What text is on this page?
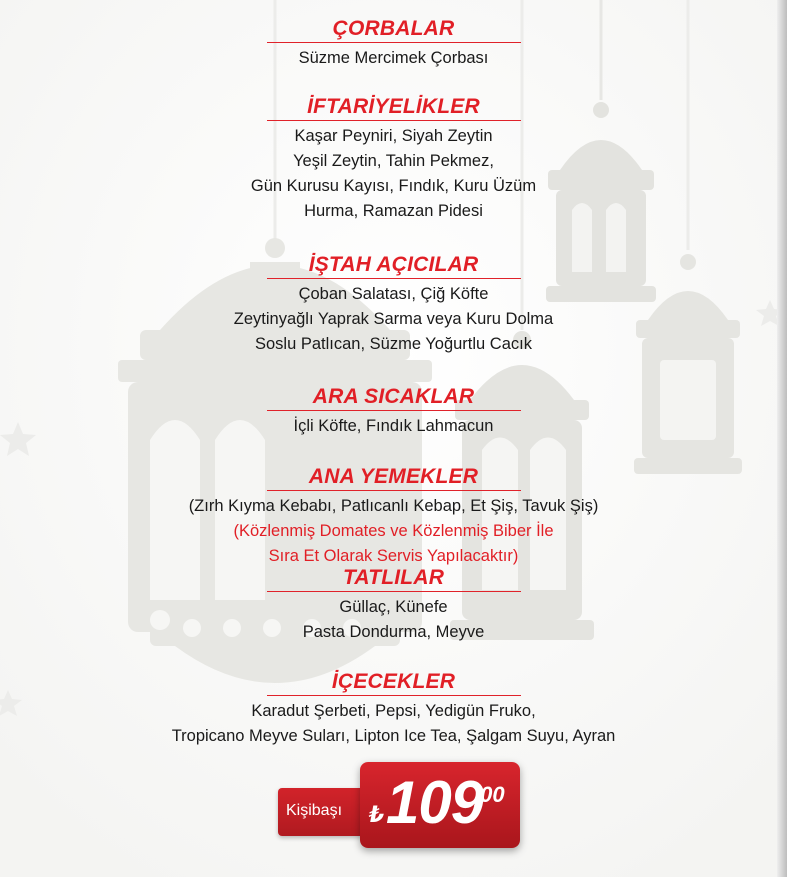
ÇORBALAR

Süzme Mercimek Çorbası

İFTARİYELİKLER

Kaşar Peyniri, Siyah Zeytin

Yeşil Zeytin, Tahin Pekmez,

Gün Kurusu Kayısı, Fındık, Kuru Üzüm

Hurma, Ramazan Pidesi

İŞTAH AÇICILAR

Çoban Salatası, Çiğ Köfte

Zeytinyağlı Yaprak Sarma veya Kuru Dolma

Soslu Patlıcan, Süzme Yoğurtlu Cacık

ARA SICAKLAR

İçli Köfte, Fındık Lahmacun

ANA YEMEKLER

(Zırh Kıyma Kebabı, Patlıcanlı Kebap, Et Şiş, Tavuk Şiş)

(Közlenmiş Domates ve Közlenmiş Biber İle

Sıra Et Olarak Servis Yapılacaktır)

TATLILAR

Güllaç, Künefe

Pasta Dondurma, Meyve

İÇECEKLER

Karadut Şerbeti, Pepsi, Yedigün Fruko,

Tropicano Meyve Suları, Lipton Ice Tea, Şalgam Suyu, Ayran

Kişibaşı ₺ 109
,00
